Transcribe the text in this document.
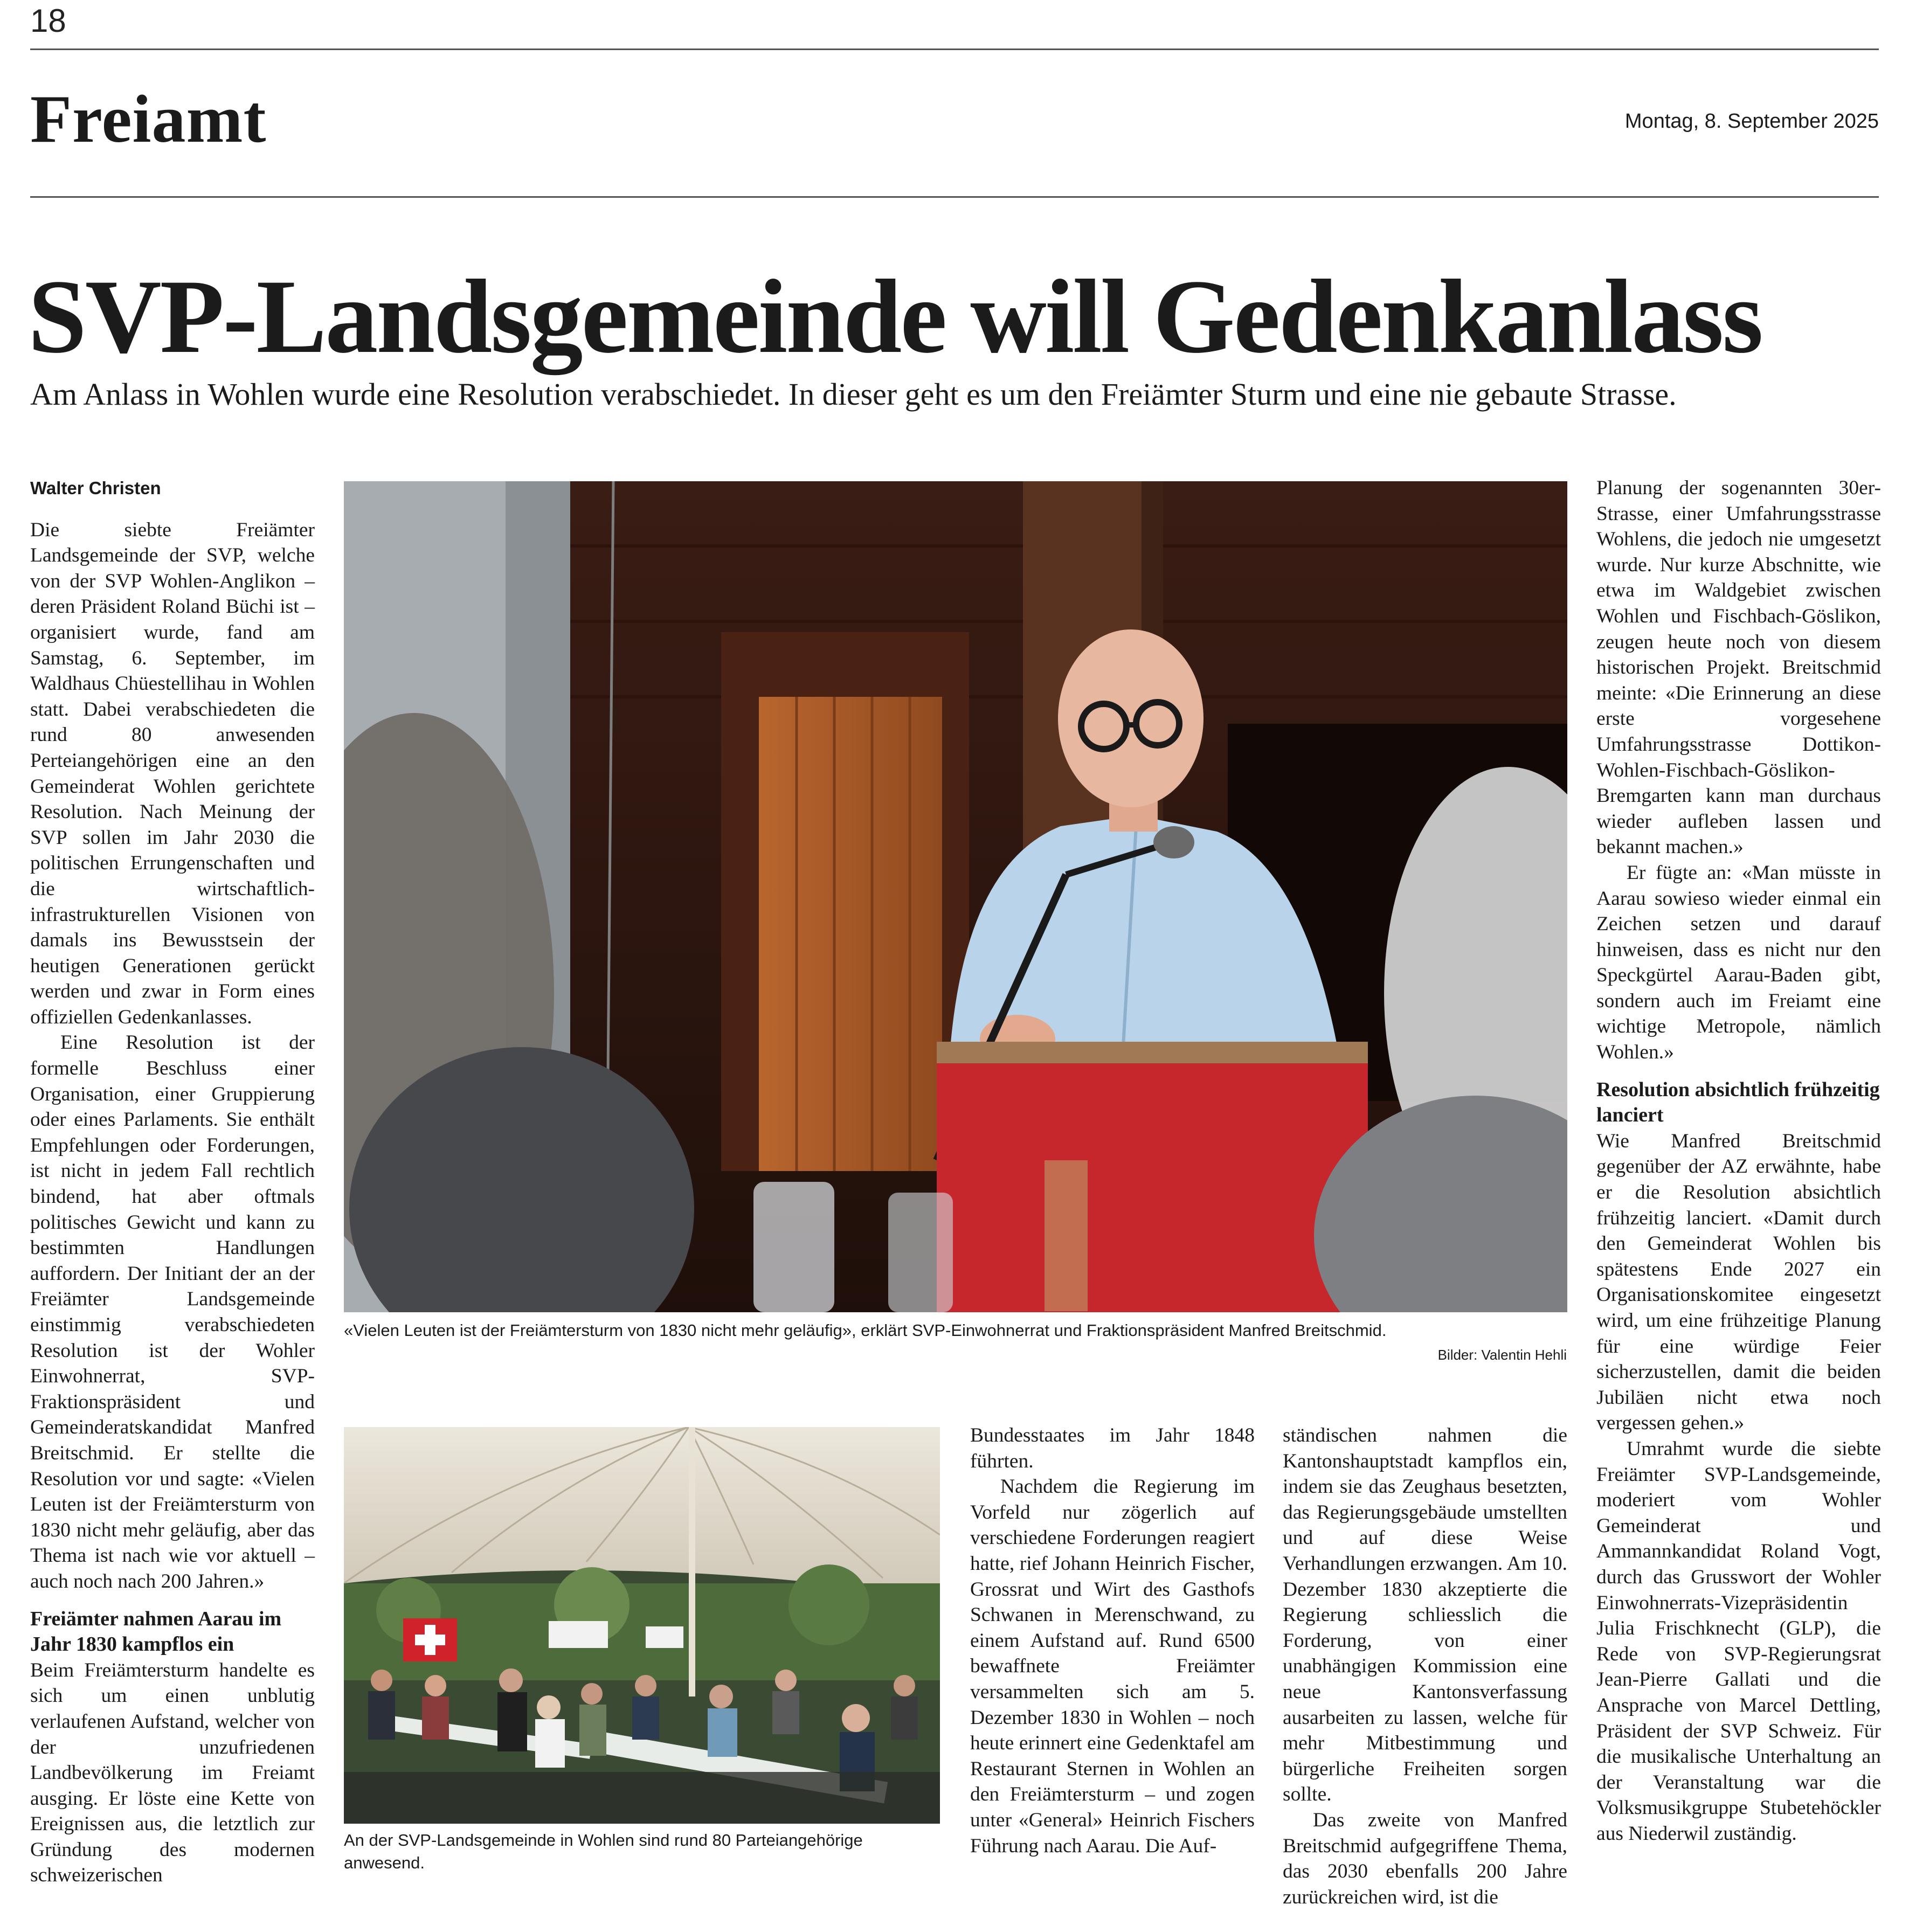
18
Freiamt	Montag, 8. September 2025
SVP-Landsgemeinde will Gedenkanlass
Am Anlass in Wohlen wurde eine Resolution verabschiedet. In dieser geht es um den Freiämter Sturm und eine nie gebaute Strasse.
Walter Christen

Die siebte Freiämter Landsgemeinde der SVP, welche von der SVP Wohlen-Anglikon – deren Präsident Roland Büchi ist – organisiert wurde, fand am Samstag, 6. September, im Waldhaus Chüestellihau in Wohlen statt. Dabei verabschiedeten die rund 80 anwesenden Perteiangehörigen eine an den Gemeinderat Wohlen gerichtete Resolution. Nach Meinung der SVP sollen im Jahr 2030 die politischen Errungenschaften und die wirtschaftlich-infrastrukturellen Visionen von damals ins Bewusstsein der heutigen Generationen gerückt werden und zwar in Form eines offiziellen Gedenkanlasses.

Eine Resolution ist der formelle Beschluss einer Organisation, einer Gruppierung oder eines Parlaments. Sie enthält Empfehlungen oder Forderungen, ist nicht in jedem Fall rechtlich bindend, hat aber oftmals politisches Gewicht und kann zu bestimmten Handlungen auffordern. Der Initiant der an der Freiämter Landsgemeinde einstimmig verabschiedeten Resolution ist der Wohler Einwohnerrat, SVP-Fraktionspräsident und Gemeinderatskandidat Manfred Breitschmid. Er stellte die Resolution vor und sagte: «Vielen Leuten ist der Freiämtersturm von 1830 nicht mehr geläufig, aber das Thema ist nach wie vor aktuell – auch noch nach 200 Jahren.»

Freiämter nahmen Aarau im Jahr 1830 kampflos ein

Beim Freiämtersturm handelte es sich um einen unblutig verlaufenen Aufstand, welcher von der unzufriedenen Landbevölkerung im Freiamt ausging. Er löste eine Kette von Ereignissen aus, die letztlich zur Gründung des modernen schweizerischen

«Vielen Leuten ist der Freiämtersturm von 1830 nicht mehr geläufig», erklärt SVP-Einwohnerrat und Fraktionspräsident Manfred Breitschmid.
Bilder: Valentin Hehli
An der SVP-Landsgemeinde in Wohlen sind rund 80 Parteiangehörige anwesend.

Bundesstaates im Jahr 1848 führten.

Nachdem die Regierung im Vorfeld nur zögerlich auf verschiedene Forderungen reagiert hatte, rief Johann Heinrich Fischer, Grossrat und Wirt des Gasthofs Schwanen in Merenschwand, zu einem Aufstand auf. Rund 6500 bewaffnete Freiämter versammelten sich am 5. Dezember 1830 in Wohlen – noch heute erinnert eine Gedenktafel am Restaurant Sternen in Wohlen an den Freiämtersturm – und zogen unter «General» Heinrich Fischers Führung nach Aarau. Die Auf-

ständischen nahmen die Kantonshauptstadt kampflos ein, indem sie das Zeughaus besetzten, das Regierungsgebäude umstellten und auf diese Weise Verhandlungen erzwangen. Am 10. Dezember 1830 akzeptierte die Regierung schliesslich die Forderung, von einer unabhängigen Kommission eine neue Kantonsverfassung ausarbeiten zu lassen, welche für mehr Mitbestimmung und bürgerliche Freiheiten sorgen sollte.

Das zweite von Manfred Breitschmid aufgegriffene Thema, das 2030 ebenfalls 200 Jahre zurückreichen wird, ist die

Planung der sogenannten 30er-Strasse, einer Umfahrungsstrasse Wohlens, die jedoch nie umgesetzt wurde. Nur kurze Abschnitte, wie etwa im Waldgebiet zwischen Wohlen und Fischbach-Göslikon, zeugen heute noch von diesem historischen Projekt. Breitschmid meinte: «Die Erinnerung an diese erste vorgesehene Umfahrungsstrasse Dottikon-Wohlen-Fischbach-Göslikon-Bremgarten kann man durchaus wieder aufleben lassen und bekannt machen.»

Er fügte an: «Man müsste in Aarau sowieso wieder einmal ein Zeichen setzen und darauf hinweisen, dass es nicht nur den Speckgürtel Aarau-Baden gibt, sondern auch im Freiamt eine wichtige Metropole, nämlich Wohlen.»

Resolution absichtlich frühzeitig lanciert

Wie Manfred Breitschmid gegenüber der AZ erwähnte, habe er die Resolution absichtlich frühzeitig lanciert. «Damit durch den Gemeinderat Wohlen bis spätestens Ende 2027 ein Organisationskomitee eingesetzt wird, um eine frühzeitige Planung für eine würdige Feier sicherzustellen, damit die beiden Jubiläen nicht etwa noch vergessen gehen.»

Umrahmt wurde die siebte Freiämter SVP-Landsgemeinde, moderiert vom Wohler Gemeinderat und Ammannkandidat Roland Vogt, durch das Grusswort der Wohler Einwohnerrats-Vizepräsidentin Julia Frischknecht (GLP), die Rede von SVP-Regierungsrat Jean-Pierre Gallati und die Ansprache von Marcel Dettling, Präsident der SVP Schweiz. Für die musikalische Unterhaltung an der Veranstaltung war die Volksmusikgruppe Stubetehöckler aus Niederwil zuständig.
